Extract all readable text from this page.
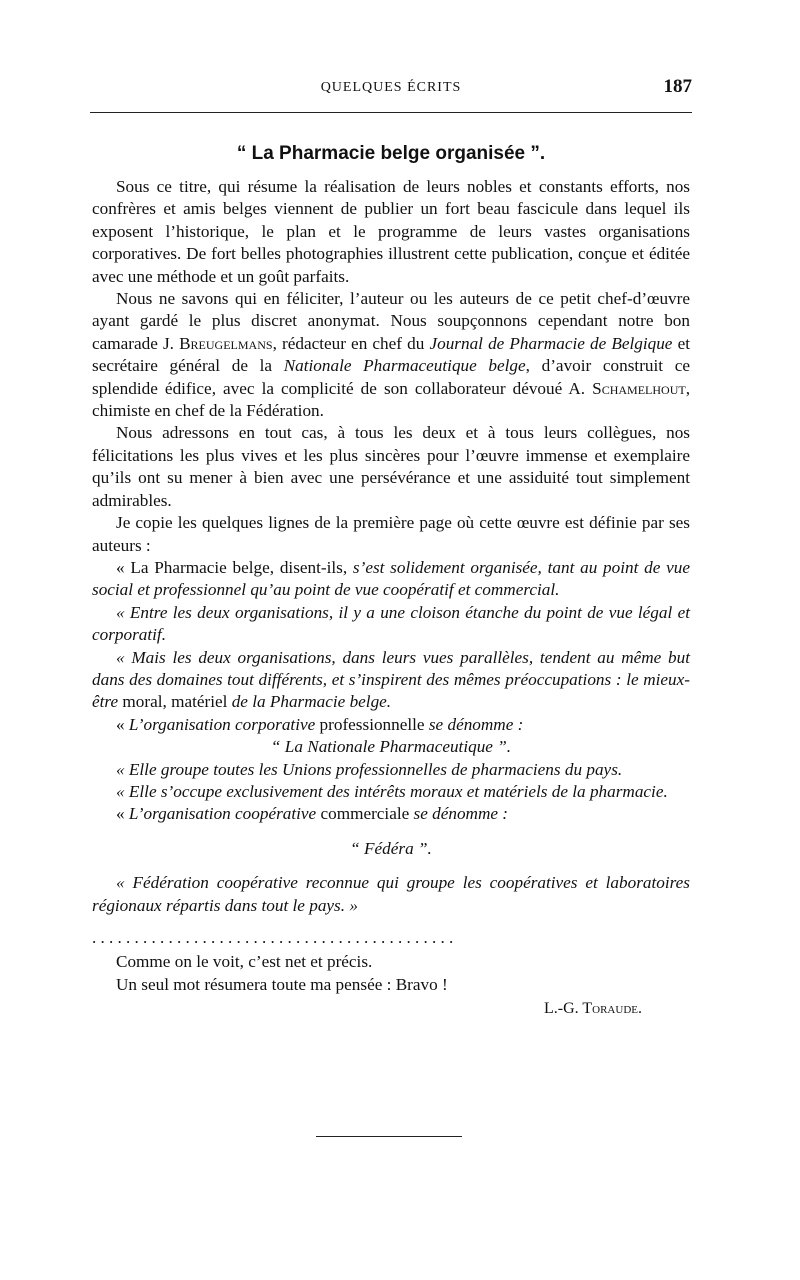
QUELQUES ÉCRITS	187
“ La Pharmacie belge organisée ”.

Sous ce titre, qui résume la réalisation de leurs nobles et constants efforts, nos confrères et amis belges viennent de publier un fort beau fascicule dans lequel ils exposent l’historique, le plan et le programme de leurs vastes organisations corporatives. De fort belles photographies illustrent cette publication, conçue et éditée avec une méthode et un goût parfaits.

Nous ne savons qui en féliciter, l’auteur ou les auteurs de ce petit chef-d’œuvre ayant gardé le plus discret anonymat. Nous soupçonnons cependant notre bon camarade J. Breugelmans, rédacteur en chef du Journal de Pharmacie de Belgique et secrétaire général de la Nationale Pharmaceutique belge, d’avoir construit ce splendide édifice, avec la complicité de son collaborateur dévoué A. Schamelhout, chimiste en chef de la Fédération.

Nous adressons en tout cas, à tous les deux et à tous leurs collègues, nos félicitations les plus vives et les plus sincères pour l’œuvre immense et exemplaire qu’ils ont su mener à bien avec une persévérance et une assiduité tout simplement admirables.

Je copie les quelques lignes de la première page où cette œuvre est définie par ses auteurs :

« La Pharmacie belge, disent-ils, s’est solidement organisée, tant au point de vue social et professionnel qu’au point de vue coopératif et commercial.

« Entre les deux organisations, il y a une cloison étanche du point de vue légal et corporatif.

« Mais les deux organisations, dans leurs vues parallèles, tendent au même but dans des domaines tout différents, et s’inspirent des mêmes préoccupations : le mieux-être moral, matériel de la Pharmacie belge.

« L’organisation corporative professionnelle se dénomme :

“ La Nationale Pharmaceutique ”.

« Elle groupe toutes les Unions professionnelles de pharmaciens du pays.

« Elle s’occupe exclusivement des intérêts moraux et matériels de la pharmacie.

« L’organisation coopérative commerciale se dénomme :

“ Fédéra ”.

« Fédération coopérative reconnue qui groupe les coopératives et laboratoires régionaux répartis dans tout le pays. »

. . . . . . . . . . . . . . . . . . . . . . . . . . . . . . . . . . . . . . . . . . .

Comme on le voit, c’est net et précis.

Un seul mot résumera toute ma pensée : Bravo !

L.-G. Toraude.
